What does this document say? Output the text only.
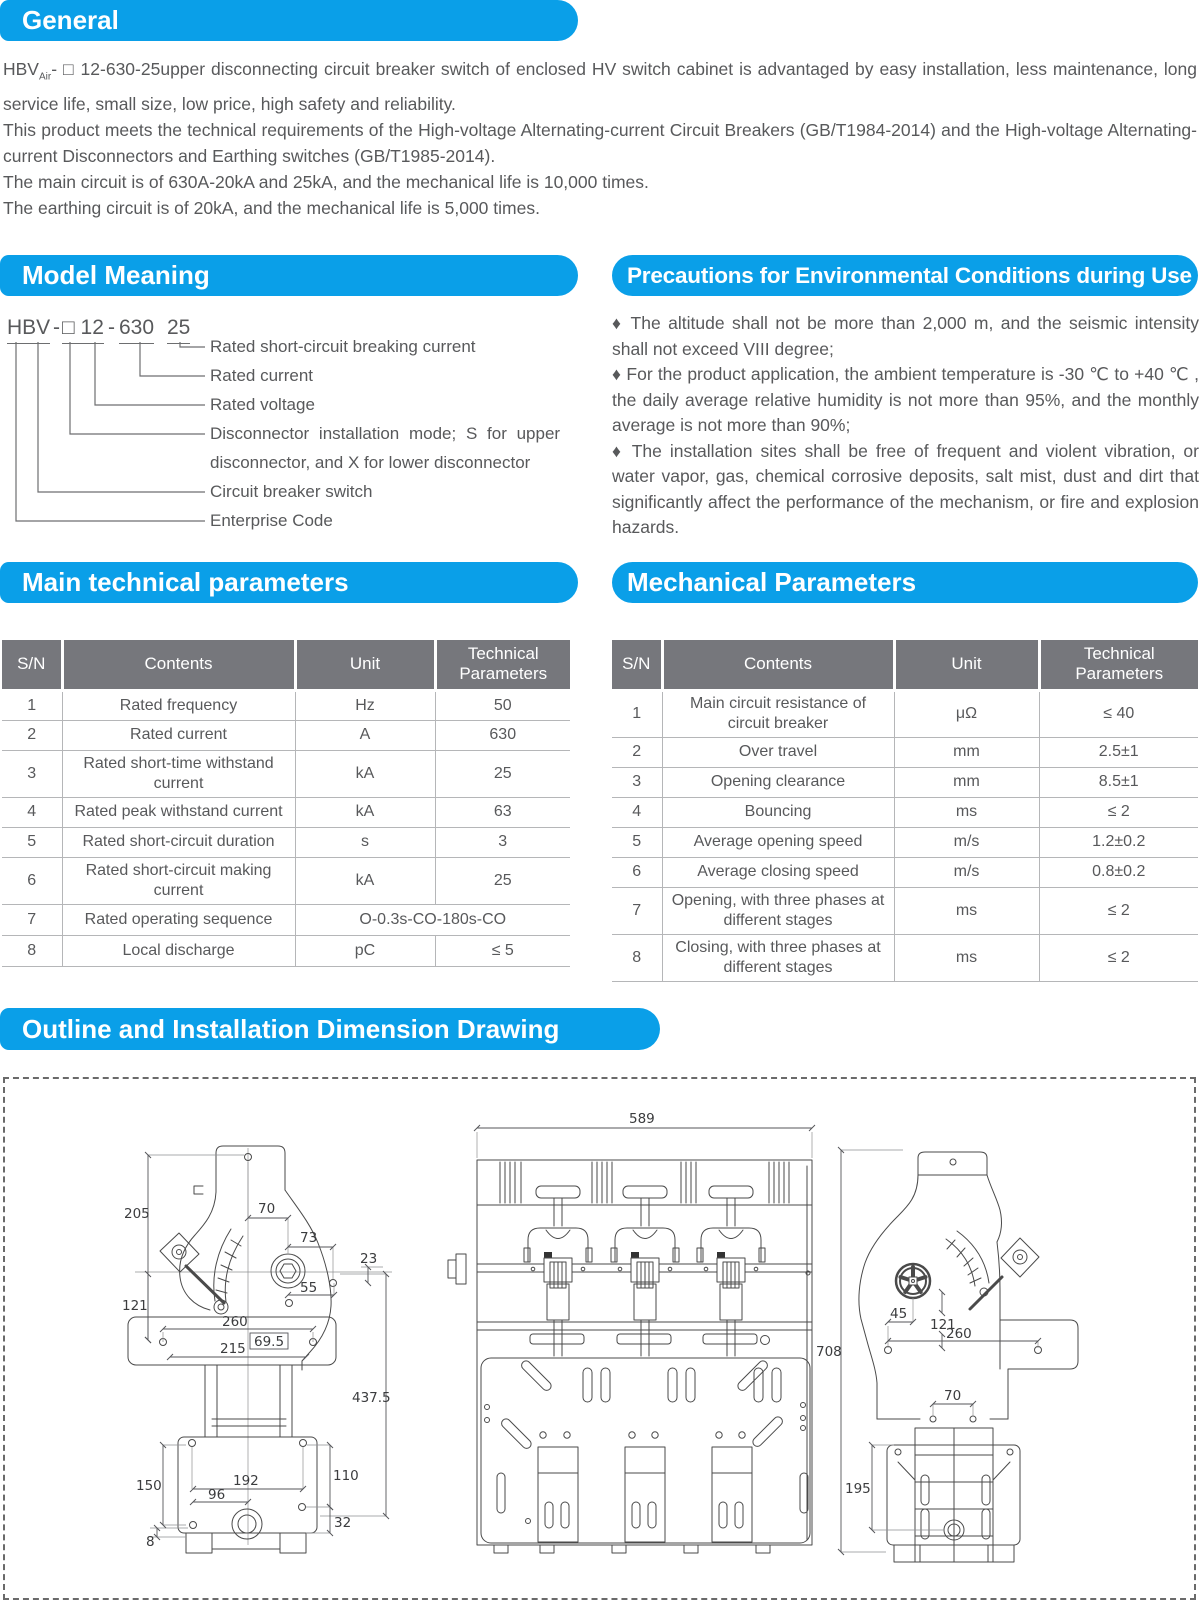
General

$HBV_{Air}-$ □ 12-630-25upper disconnecting circuit breaker switch of enclosed HV switch cabinet is advantaged by easy installation, less maintenance, long service life, small size, low price, high safety and reliability.

This product meets the technical requirements of the High-voltage Alternating-current Circuit Breakers (GB/T1984-2014) and the High-voltage Alternating-current Disconnectors and Earthing switches (GB/T1985-2014).

The main circuit is of 630A-20kA and 25kA, and the mechanical life is 10,000 times.

The earthing circuit is of 20kA, and the mechanical life is 5,000 times.

Model Meaning
HBV - □ 12 - 630 25
Rated short-circuit breaking current
Rated current
Rated voltage
Disconnector installation mode; S for upper
disconnector, and X for lower disconnector
Circuit breaker switch
Enterprise Code
Precautions for Environmental Conditions during Use

♦ The altitude shall not be more than 2,000 m, and the seismic intensity shall not exceed VIII degree;

♦ For the product application, the ambient temperature is -30 ℃ to +40 ℃ , the daily average relative humidity is not more than 95%, and the monthly average is not more than 90%;

♦ The installation sites shall be free of frequent and violent vibration, or water vapor, gas, chemical corrosive deposits, salt mist, dust and dirt that significantly affect the performance of the mechanism, or fire and explosion hazards.

Main technical parameters
S/N	Contents	Unit	Technical Parameters
1	Rated frequency	Hz	50
2	Rated current	A	630
3	Rated short-time withstand current	kA	25
4	Rated peak withstand current	kA	63
5	Rated short-circuit duration	s	3
6	Rated short-circuit making current	kA	25
7	Rated operating sequence	O-0.3s-CO-180s-CO	
8	Local discharge	pC	≤ 5
Mechanical Parameters
S/N	Contents	Unit	Technical Parameters
1	Main circuit resistance of circuit breaker	μΩ	≤ 40
2	Over travel	mm	2.5±1
3	Opening clearance	mm	8.5±1
4	Bouncing	ms	≤ 2
5	Average opening speed	m/s	1.2±0.2
6	Average closing speed	m/s	0.8±0.2
7	Opening, with three phases at different stages	ms	≤ 2
8	Closing, with three phases at different stages	ms	≤ 2
Outline and Installation Dimension Drawing
205	70
73
23
55
121
260
69.5
215
437.5
150	192
96
110
32
8
589
708
45
121
260
70
195
